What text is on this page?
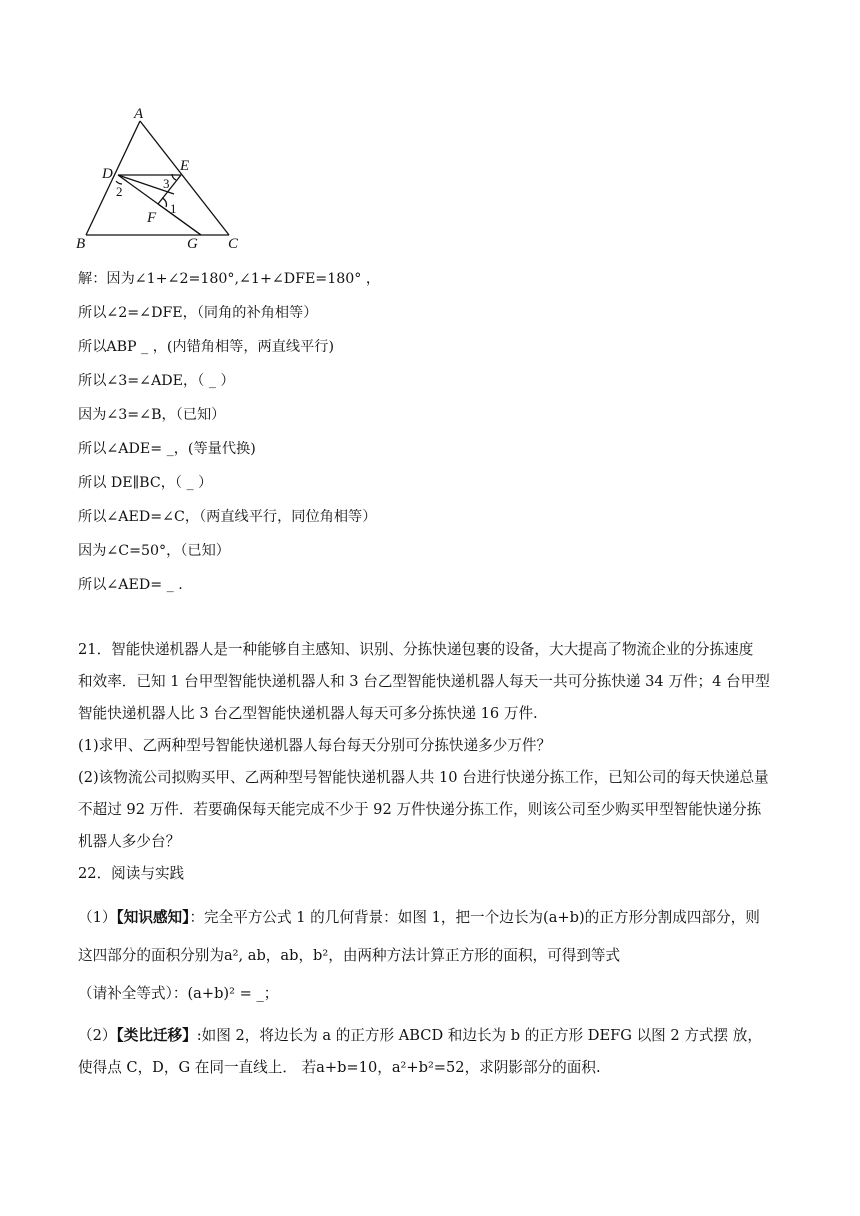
A
D	E
F
B	G C
2
3
1
解：因为∠1+∠2=180°,∠1+∠DFE=180° ，
所以∠2=∠DFE，（同角的补角相等）
所以ABP _ ，(内错角相等，两直线平行)
所以∠3=∠ADE，（ _ ）
因为∠3=∠B，（已知）
所以∠ADE= _，(等量代换)
所以 DE∥BC，（ _ ）
所以∠AED=∠C，（两直线平行，同位角相等）
因为∠C=50°，（已知）
所以∠AED= _ .
21．智能快递机器人是一种能够自主感知、识别、分拣快递包裹的设备，大大提高了物流企业的分拣速度
和效率．已知 1 台甲型智能快递机器人和 3 台乙型智能快递机器人每天一共可分拣快递 34 万件；4 台甲型
智能快递机器人比 3 台乙型智能快递机器人每天可多分拣快递 16 万件.
(1)求甲、乙两种型号智能快递机器人每台每天分别可分拣快递多少万件？
(2)该物流公司拟购买甲、乙两种型号智能快递机器人共 10 台进行快递分拣工作，已知公司的每天快递总量
不超过 92 万件．若要确保每天能完成不少于 92 万件快递分拣工作，则该公司至少购买甲型智能快递分拣
机器人多少台？
22．阅读与实践
（1）【知识感知】：完全平方公式 1 的几何背景：如图 1，把一个边长为(a+b)的正方形分割成四部分，则
这四部分的面积分别为a², ab，ab，b²，由两种方法计算正方形的面积，可得到等式
（请补全等式）：(a+b)² = _；
（2）【类比迁移】:如图 2，将边长为 a 的正方形 ABCD 和边长为 b 的正方形 DEFG 以图 2 方式摆 放，
使得点 C，D，G 在同一直线上． 若a+b=10，a²+b²=52，求阴影部分的面积.
